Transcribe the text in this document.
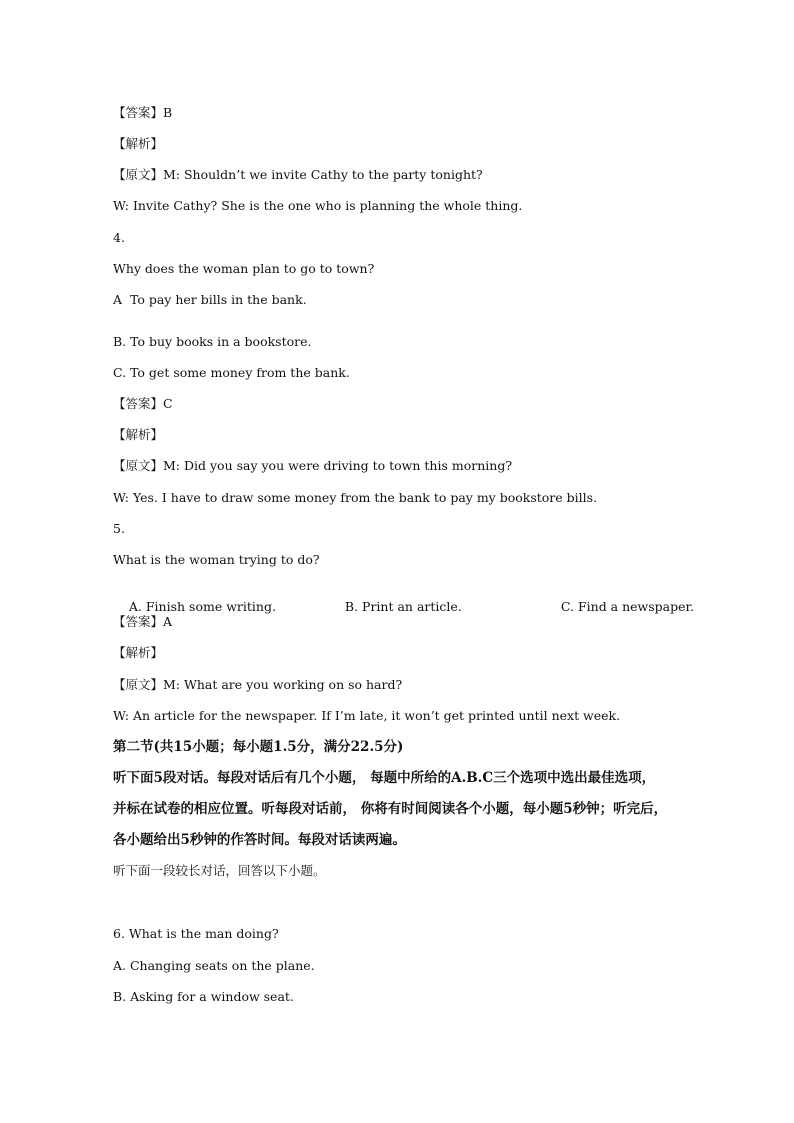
【答案】B
【解析】
【原文】M: Shouldn’t we invite Cathy to the party tonight?
W: Invite Cathy? She is the one who is planning the whole thing.
4.
Why does the woman plan to go to town?
A  To pay her bills in the bank.
B. To buy books in a bookstore.
C. To get some money from the bank.
【答案】C
【解析】
【原文】M: Did you say you were driving to town this morning?
W: Yes. I have to draw some money from the bank to pay my bookstore bills.
5.
What is the woman trying to do?

A. Finish some writing.	B. Print an article.	C. Find a newspaper.

【答案】A
【解析】
【原文】M: What are you working on so hard?
W: An article for the newspaper. If I’m late, it won’t get printed until next week.
第二节(共15小题；每小题1.5分，满分22.5分)
听下面5段对话。每段对话后有几个小题， 每题中所给的A.B.C三个选项中选出最佳选项，
并标在试卷的相应位置。听每段对话前， 你将有时间阅读各个小题，每小题5秒钟；听完后，
各小题给出5秒钟的作答时间。每段对话读两遍。
听下面一段较长对话，回答以下小题。
6. What is the man doing?
A. Changing seats on the plane.
B. Asking for a window seat.
